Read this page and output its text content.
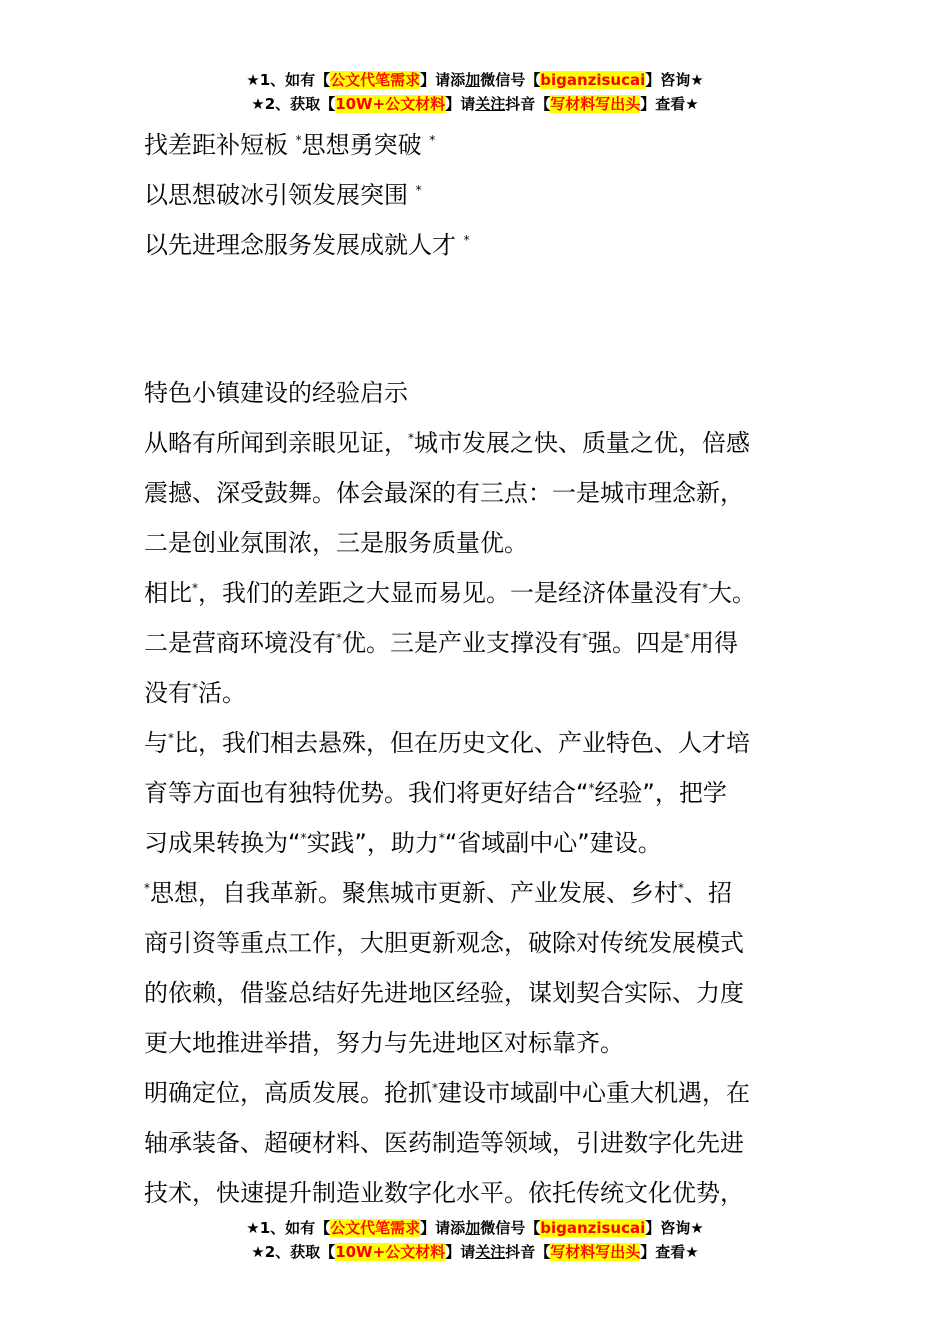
★1、如有【公文代笔需求】请添加微信号【biganzisucai】咨询★
★2、获取【10W+公文材料】请关注抖音【写材料写出头】查看★
找差距补短板 *思想勇突破 *
以思想破冰引领发展突围 *
以先进理念服务发展成就人才 *
特色小镇建设的经验启示
从略有所闻到亲眼见证，*城市发展之快、质量之优，倍感
震撼、深受鼓舞。体会最深的有三点：一是城市理念新，
二是创业氛围浓，三是服务质量优。
相比*，我们的差距之大显而易见。一是经济体量没有*大。
二是营商环境没有*优。三是产业支撑没有*强。四是*用得
没有*活。
与*比，我们相去悬殊，但在历史文化、产业特色、人才培
育等方面也有独特优势。我们将更好结合“*经验”，把学
习成果转换为“*实践”，助力*“省域副中心”建设。
*思想，自我革新。聚焦城市更新、产业发展、乡村*、招
商引资等重点工作，大胆更新观念，破除对传统发展模式
的依赖，借鉴总结好先进地区经验，谋划契合实际、力度
更大地推进举措，努力与先进地区对标靠齐。
明确定位，高质发展。抢抓*建设市域副中心重大机遇，在
轴承装备、超硬材料、医药制造等领域，引进数字化先进
技术，快速提升制造业数字化水平。依托传统文化优势，
★1、如有【公文代笔需求】请添加微信号【biganzisucai】咨询★
★2、获取【10W+公文材料】请关注抖音【写材料写出头】查看★
